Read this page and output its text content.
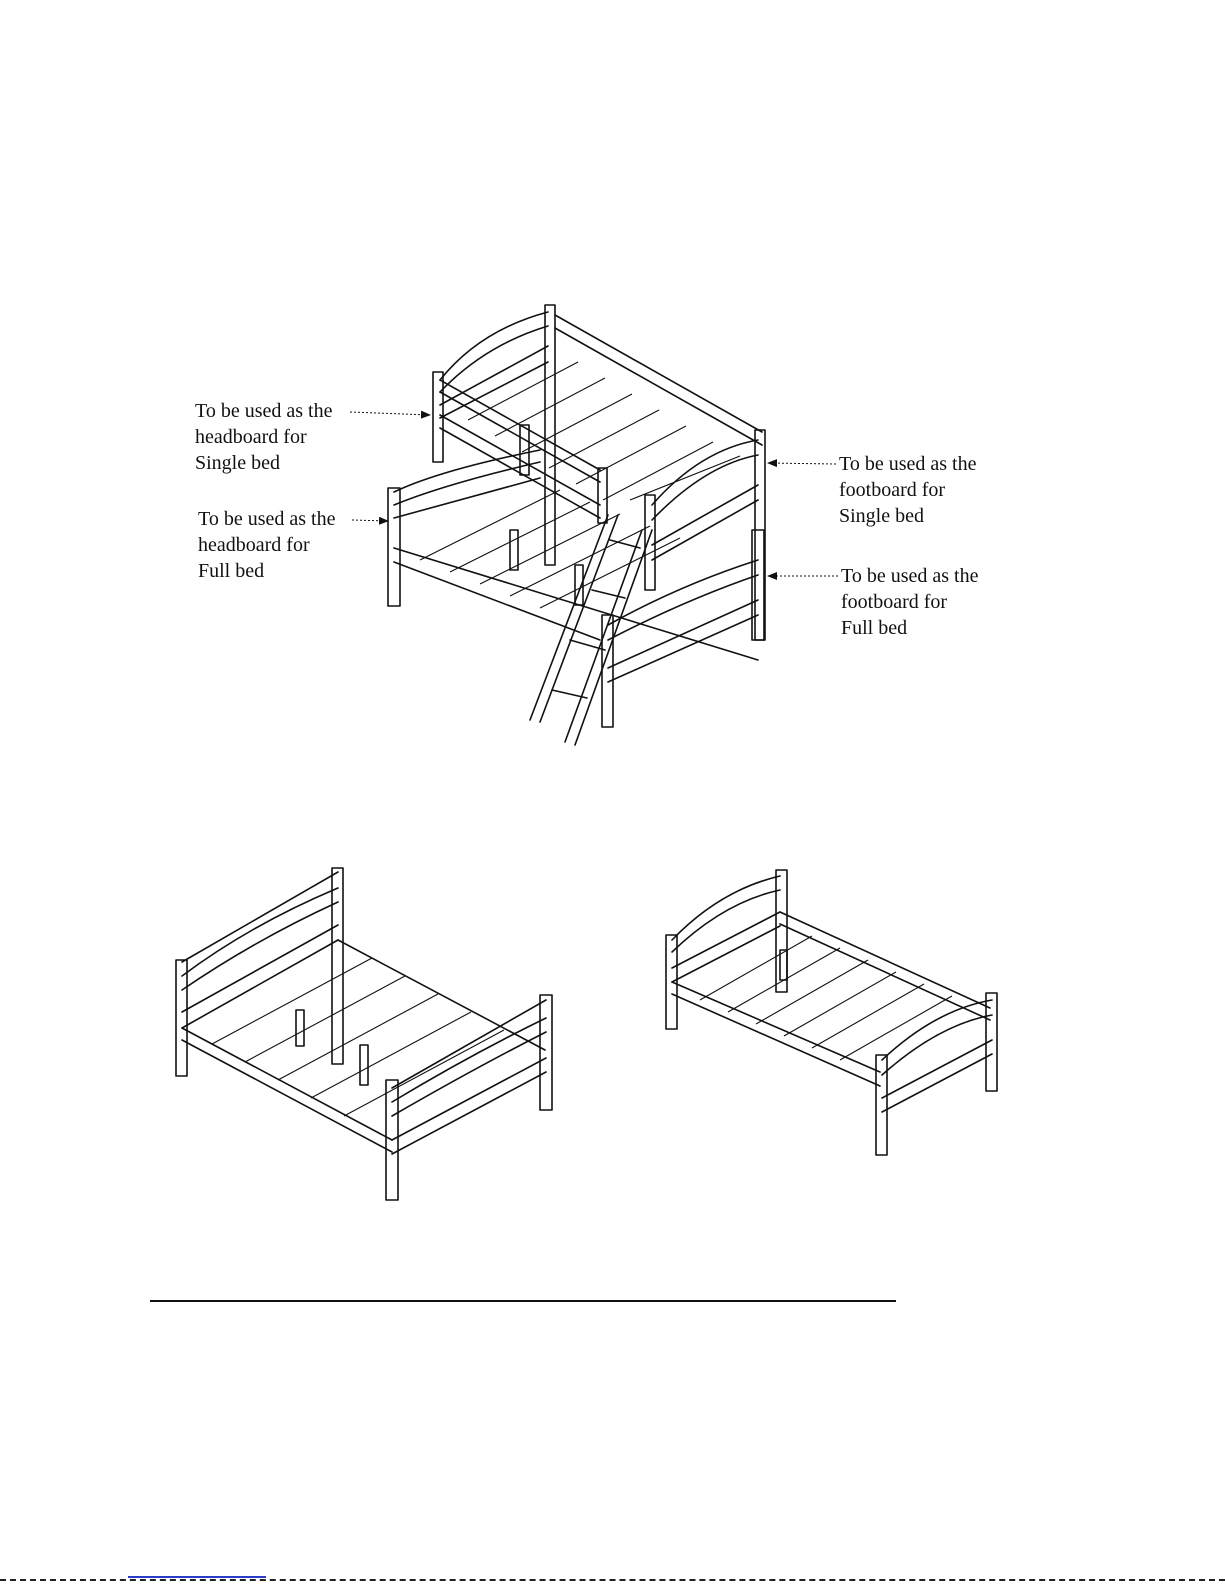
To be used as the
headboard for
Single bed
To be used as the
headboard for
Full bed
To be used as the
footboard for
Single bed
To be used as the
footboard for
Full bed
